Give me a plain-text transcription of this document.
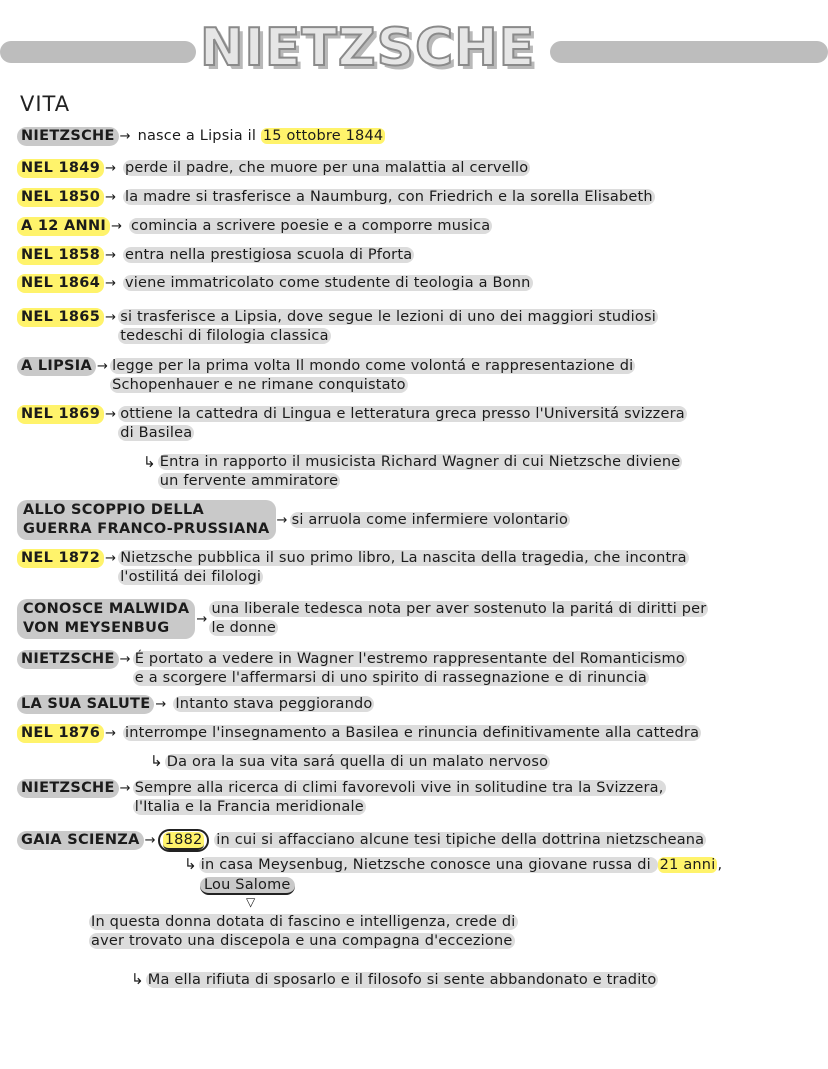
NIETZSCHE
VITA
NIETZSCHE → nasce a Lipsia il 15 ottobre 1844
NEL 1849 → perde il padre, che muore per una malattia al cervello
NEL 1850 → la madre si trasferisce a Naumburg, con Friedrich e la sorella Elisabeth
A 12 ANNI → comincia a scrivere poesie e a comporre musica
NEL 1858 → entra nella prestigiosa scuola di Pforta
NEL 1864 → viene immatricolato come studente di teologia a Bonn
NEL 1865 → si trasferisce a Lipsia, dove segue le lezioni di uno dei maggiori studiosi
tedeschi di filologia classica
A LIPSIA → legge per la prima volta Il mondo come volontá e rappresentazione di
Schopenhauer e ne rimane conquistato
NEL 1869 → ottiene la cattedra di Lingua e letteratura greca presso l'Universitá svizzera
di Basilea
↳ Entra in rapporto il musicista Richard Wagner di cui Nietzsche diviene
un fervente ammiratore
ALLO SCOPPIO DELLA
GUERRA FRANCO-PRUSSIANA→ si arruola come infermiere volontario
NEL 1872 → Nietzsche pubblica il suo primo libro, La nascita della tragedia, che incontra
l'ostilitá dei filologi
CONOSCE MALWIDA
VON MEYSENBUG→una liberale tedesca nota per aver sostenuto la paritá di diritti per
le donne
NIETZSCHE → É portato a vedere in Wagner l'estremo rappresentante del Romanticismo
e a scorgere l'affermarsi di uno spirito di rassegnazione e di rinuncia
LA SUA SALUTE → Intanto stava peggiorando
NEL 1876 → interrompe l'insegnamento a Basilea e rinuncia definitivamente alla cattedra
↳ Da ora la sua vita sará quella di un malato nervoso
NIETZSCHE → Sempre alla ricerca di climi favorevoli vive in solitudine tra la Svizzera,
l'Italia e la Francia meridionale
GAIA SCIENZA → 1882 in cui si affacciano alcune tesi tipiche della dottrina nietzscheana
↳ in casa Meysenbug, Nietzsche conosce una giovane russa di 21 anni ,
Lou Salome
▽
In questa donna dotata di fascino e intelligenza, crede di
aver trovato una discepola e una compagna d'eccezione
↳ Ma ella rifiuta di sposarlo e il filosofo si sente abbandonato e tradito
